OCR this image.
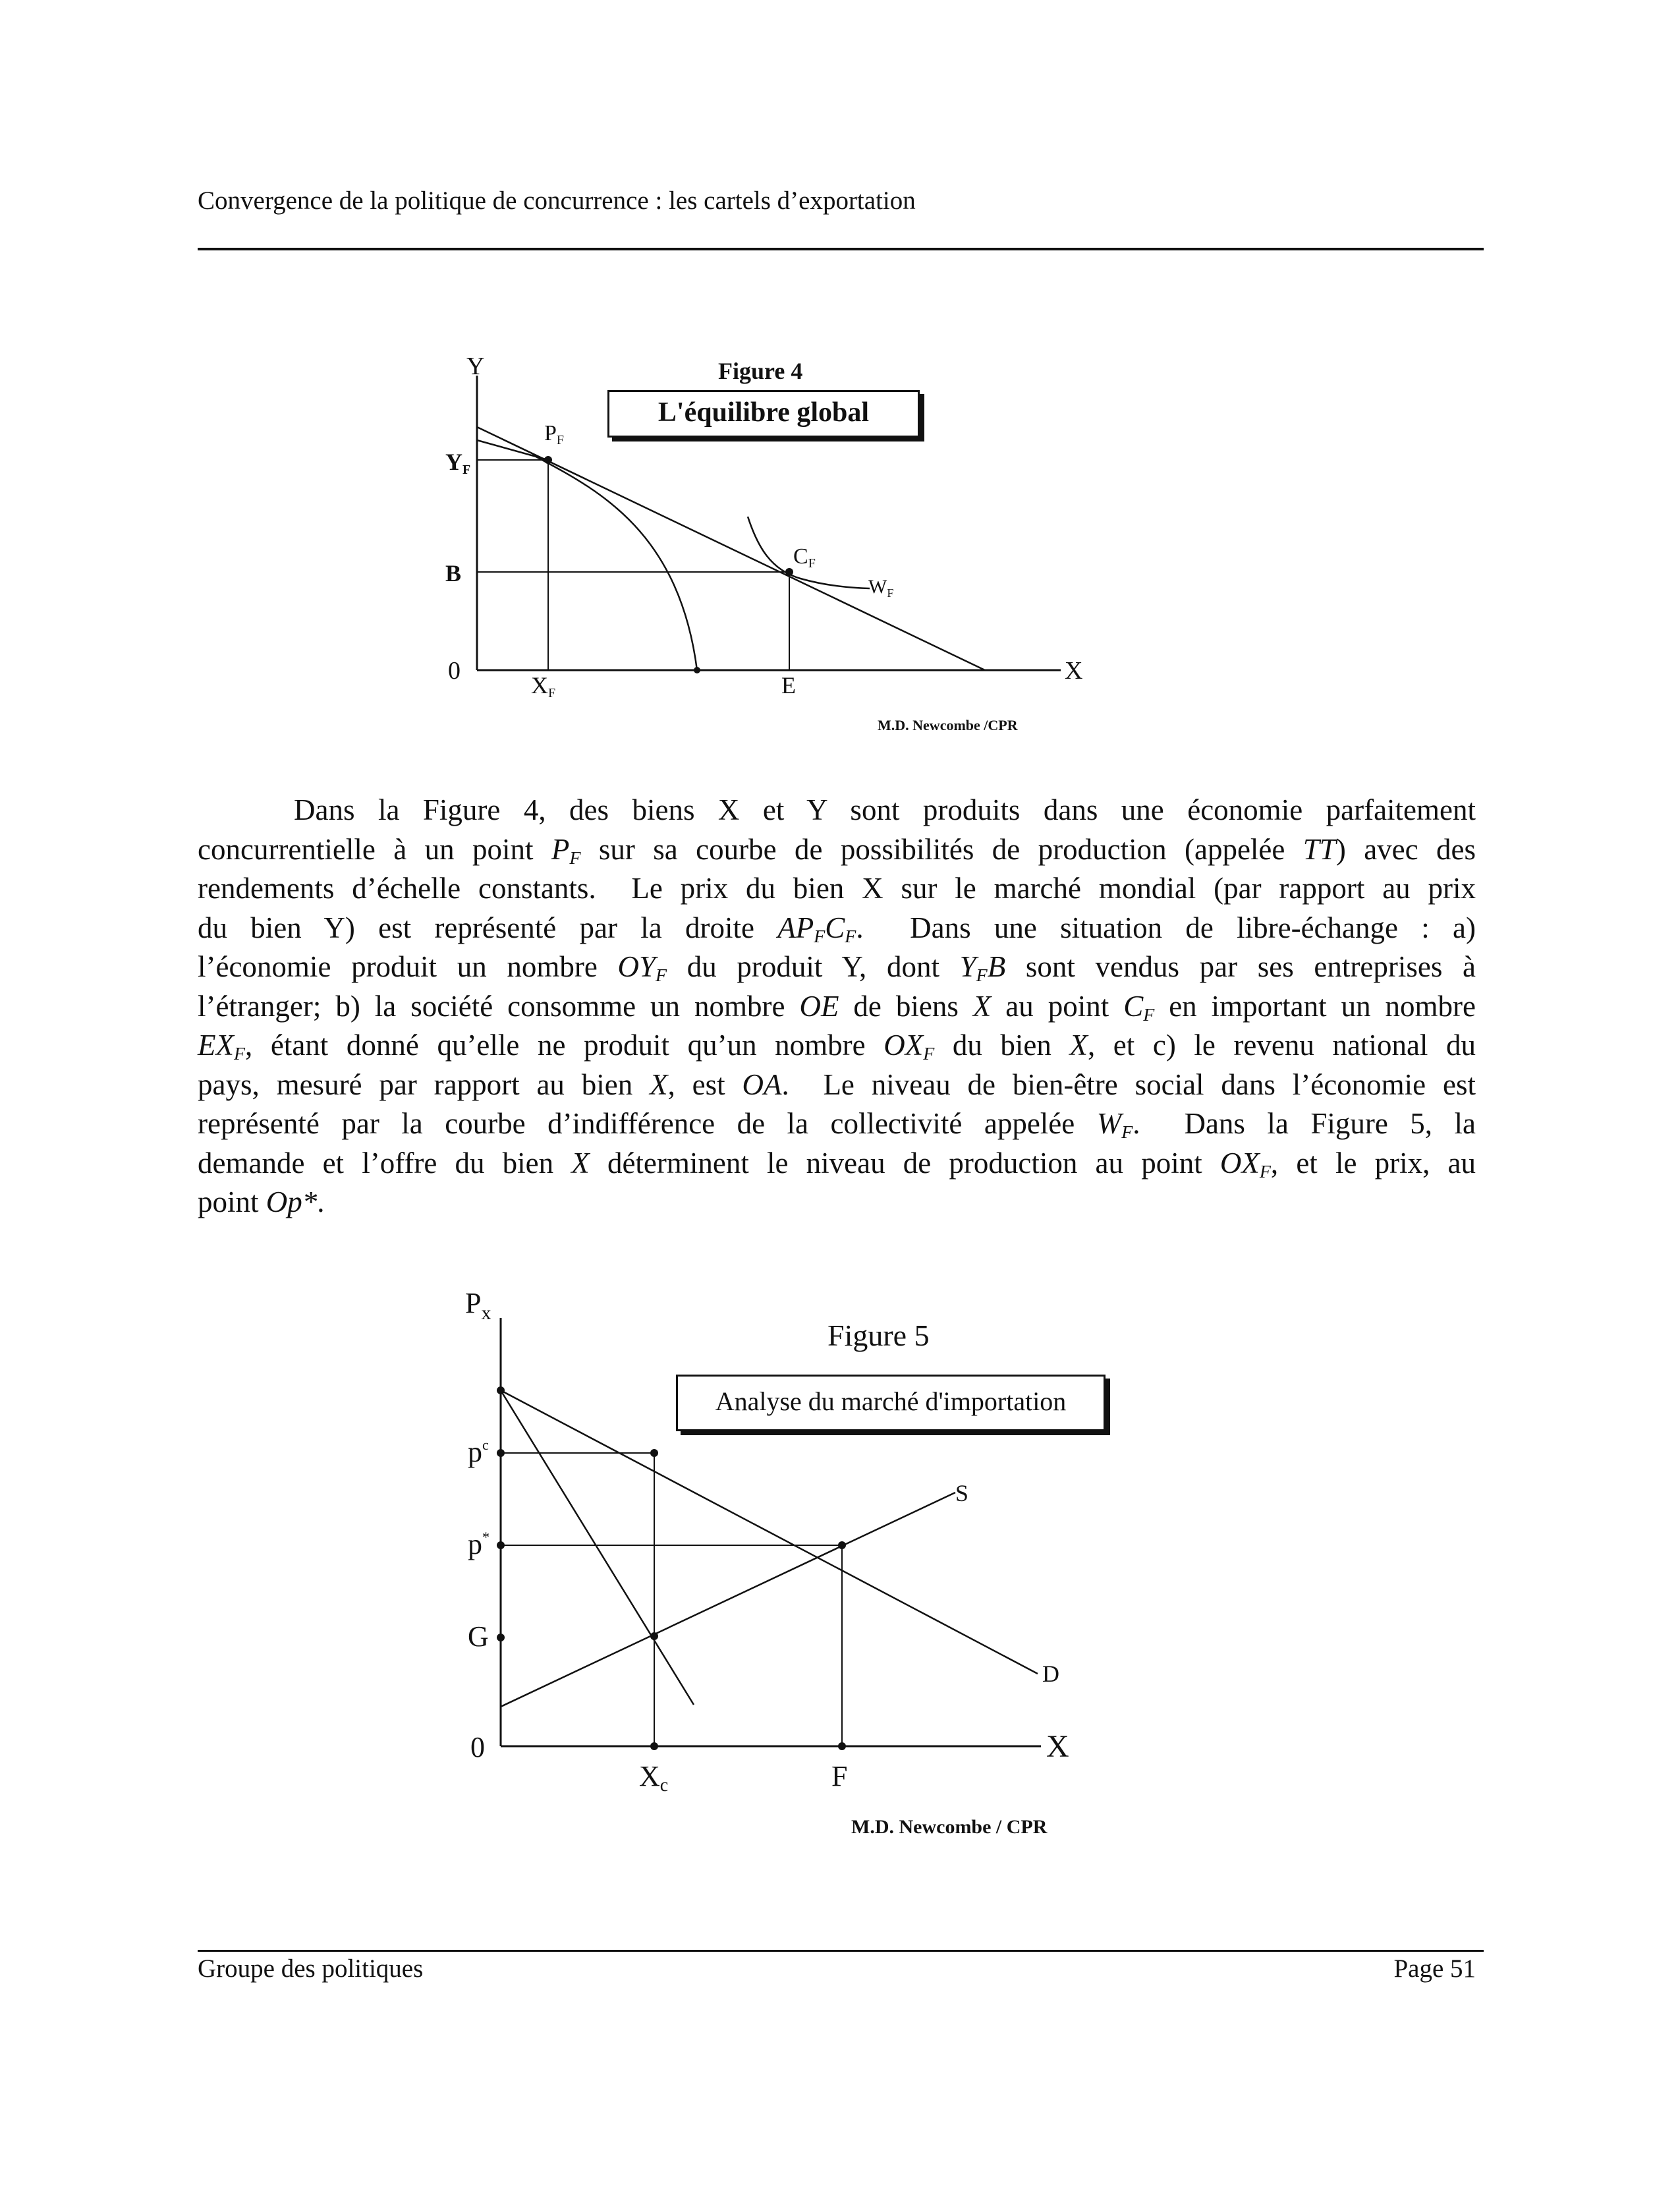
Convergence de la politique de concurrence : les cartels d’exportation
Y
X
0
YF
B
XF	E
PF
CF
$W_F$
Figure 4
L'équilibre global
M.D. Newcombe /CPR
Dans la Figure 4, des biens X et Y sont produits dans une économie parfaitement
concurrentielle à un point $P_F$ sur sa courbe de possibilités de production (appelée TT) avec des
rendements d’échelle constants.  Le prix du bien X sur le marché mondial (par rapport au prix
du bien Y) est représenté par la droite $AP_FC_F$.  Dans une situation de libre-échange : a)
l’économie produit un nombre $OY_F$ du produit Y, dont $Y_FB$ sont vendus par ses entreprises à
l’étranger; b) la société consomme un nombre OE de biens X au point $C_F$ en important un nombre
$EX_F$, étant donné qu’elle ne produit qu’un nombre $OX_F$ du bien X, et c) le revenu national du
pays, mesuré par rapport au bien X, est OA.  Le niveau de bien-être social dans l’économie est
représenté par la courbe d’indifférence de la collectivité appelée $W_F$.  Dans la Figure 5, la
demande et l’offre du bien X déterminent le niveau de production au point $OX_F$, et le prix, au
point Op*.
$P_x$
X
0
$p^c$
p*
G
Xc	F
S
D
Figure 5
Analyse du marché d'importation
M.D. Newcombe / CPR
Groupe des politiques	Page 51
